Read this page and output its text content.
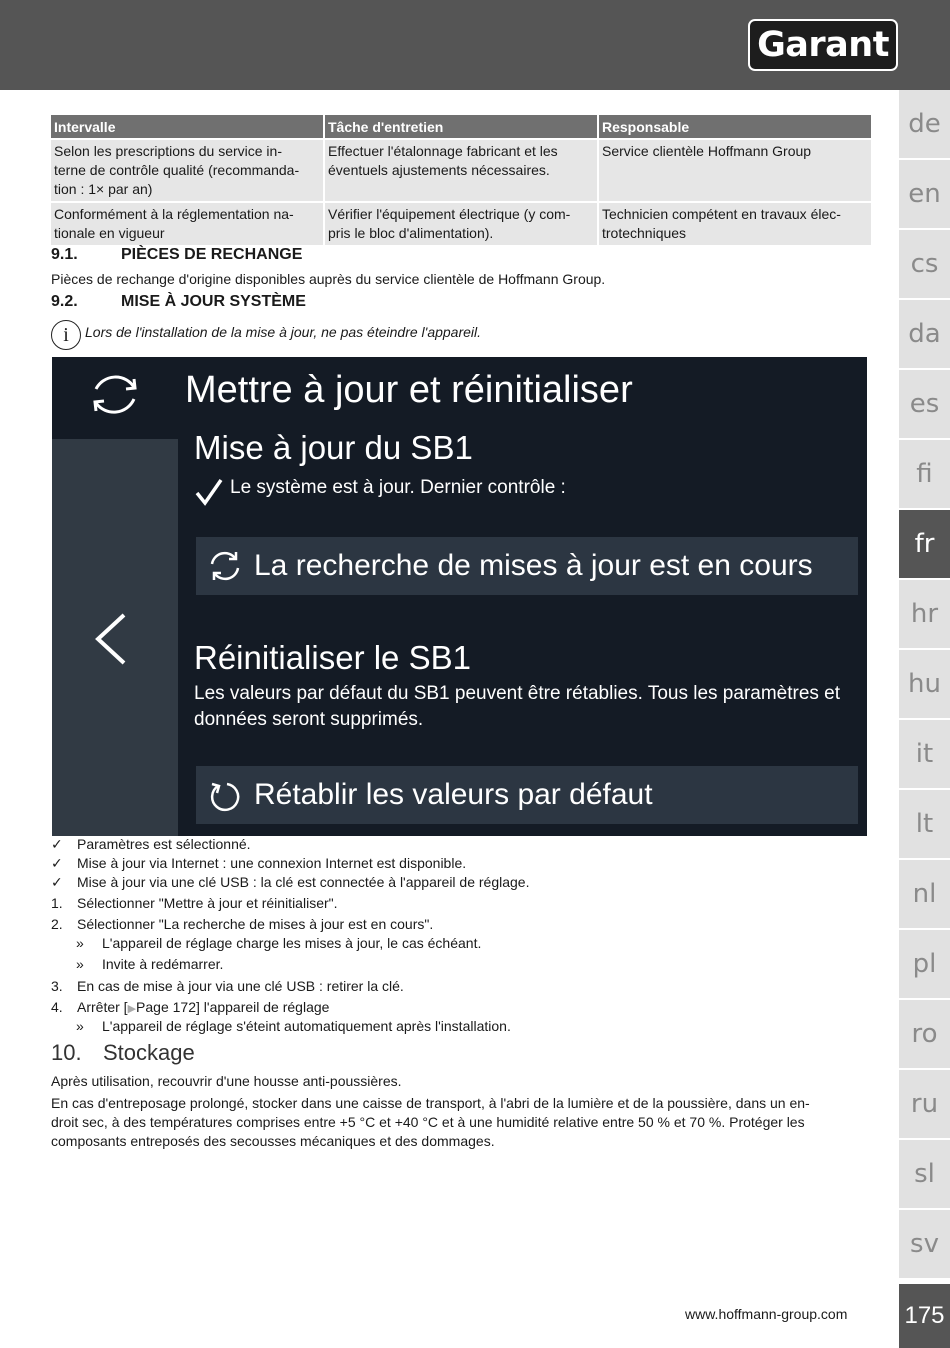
Garant
de
en
cs
da
es
fi
fr
hr
hu
it
lt
nl
pl
ro
ru
sl
sv
175
Intervalle	Tâche d'entretien	Responsable
Selon les prescriptions du service in-
terne de contrôle qualité (recommanda-
tion : 1× par an)	Effectuer l'étalonnage fabricant et les
éventuels ajustements nécessaires.	Service clientèle Hoffmann Group
Conformément à la réglementation na-
tionale en vigueur	Vérifier l'équipement électrique (y com-
pris le bloc d'alimentation).	Technicien compétent en travaux élec-
trotechniques
9.1.	PIÈCES DE RECHANGE
Pièces de rechange d'origine disponibles auprès du service clientèle de Hoffmann Group.
9.2.	MISE À JOUR SYSTÈME
i Lors de l'installation de la mise à jour, ne pas éteindre l'appareil.
Mettre à jour et réinitialiser
Mise à jour du SB1
Le système est à jour. Dernier contrôle :
La recherche de mises à jour est en cours
Réinitialiser le SB1
Les valeurs par défaut du SB1 peuvent être rétablies. Tous les paramètres et données seront supprimés.
Rétablir les valeurs par défaut
✓ Paramètres est sélectionné.
✓ Mise à jour via Internet : une connexion Internet est disponible.
✓ Mise à jour via une clé USB : la clé est connectée à l'appareil de réglage.
1. Sélectionner "Mettre à jour et réinitialiser".
2. Sélectionner "La recherche de mises à jour est en cours".
» L'appareil de réglage charge les mises à jour, le cas échéant.
» Invite à redémarrer.
3. En cas de mise à jour via une clé USB : retirer la clé.
4. Arrêter [▶Page 172] l'appareil de réglage
» L'appareil de réglage s'éteint automatiquement après l'installation.
10. Stockage
Après utilisation, recouvrir d'une housse anti-poussières.
En cas d'entreposage prolongé, stocker dans une caisse de transport, à l'abri de la lumière et de la poussière, dans un en-
droit sec, à des températures comprises entre +5 °C et +40 °C et à une humidité relative entre 50 % et 70 %. Protéger les
composants entreposés des secousses mécaniques et des dommages.
www.hoffmann-group.com
